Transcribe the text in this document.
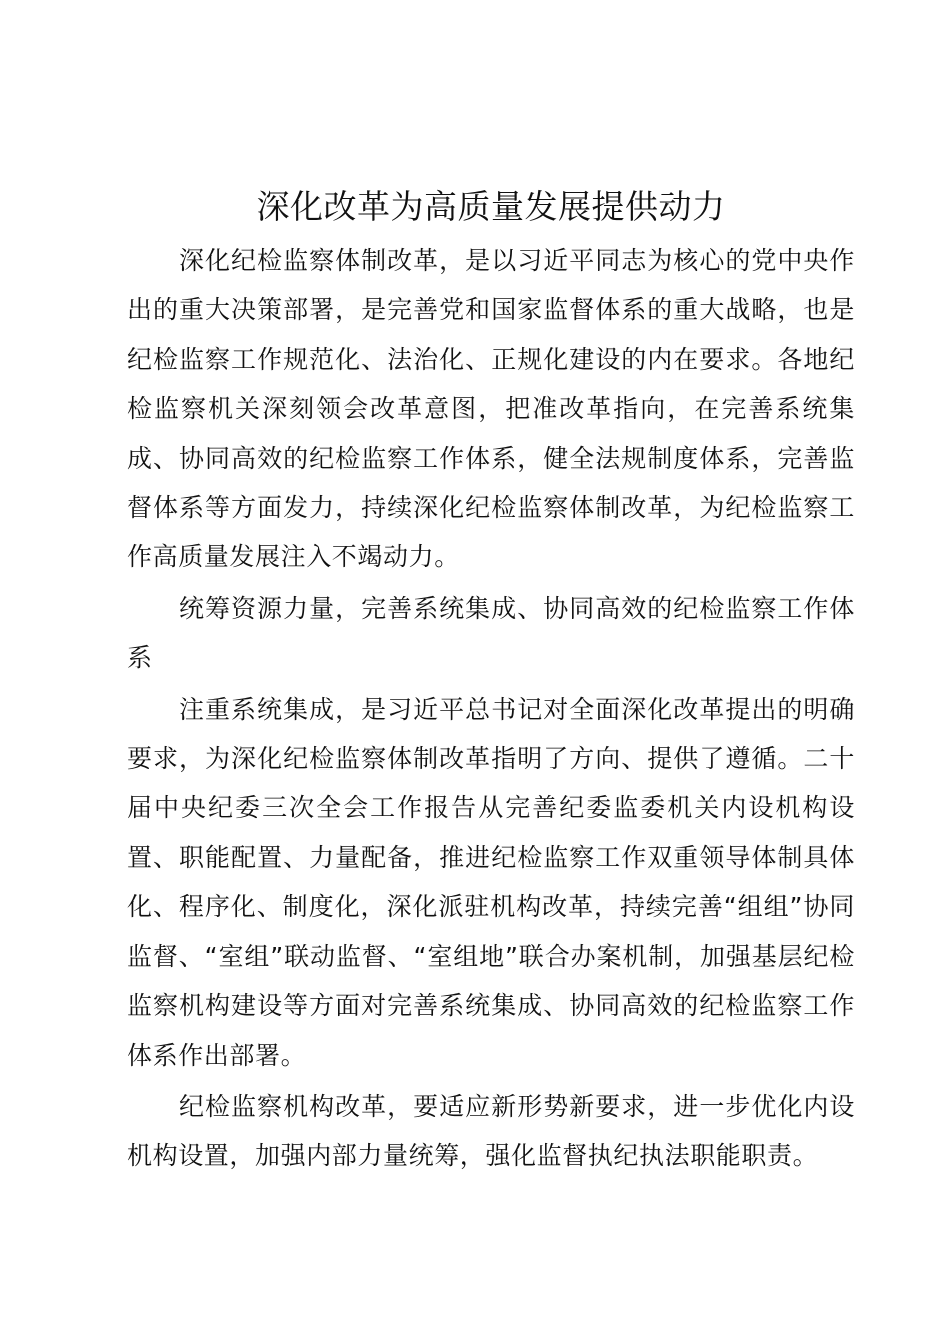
深化改革为高质量发展提供动力

深化纪检监察体制改革，是以习近平同志为核心的党中央作出的重大决策部署，是完善党和国家监督体系的重大战略，也是纪检监察工作规范化、法治化、正规化建设的内在要求。各地纪检监察机关深刻领会改革意图，把准改革指向，在完善系统集成、协同高效的纪检监察工作体系，健全法规制度体系，完善监督体系等方面发力，持续深化纪检监察体制改革，为纪检监察工作高质量发展注入不竭动力。

统筹资源力量，完善系统集成、协同高效的纪检监察工作体系

注重系统集成，是习近平总书记对全面深化改革提出的明确要求，为深化纪检监察体制改革指明了方向、提供了遵循。二十届中央纪委三次全会工作报告从完善纪委监委机关内设机构设置、职能配置、力量配备，推进纪检监察工作双重领导体制具体化、程序化、制度化，深化派驻机构改革，持续完善“组组”协同监督、“室组”联动监督、“室组地”联合办案机制，加强基层纪检监察机构建设等方面对完善系统集成、协同高效的纪检监察工作体系作出部署。

纪检监察机构改革，要适应新形势新要求，进一步优化内设机构设置，加强内部力量统筹，强化监督执纪执法职能职责。
